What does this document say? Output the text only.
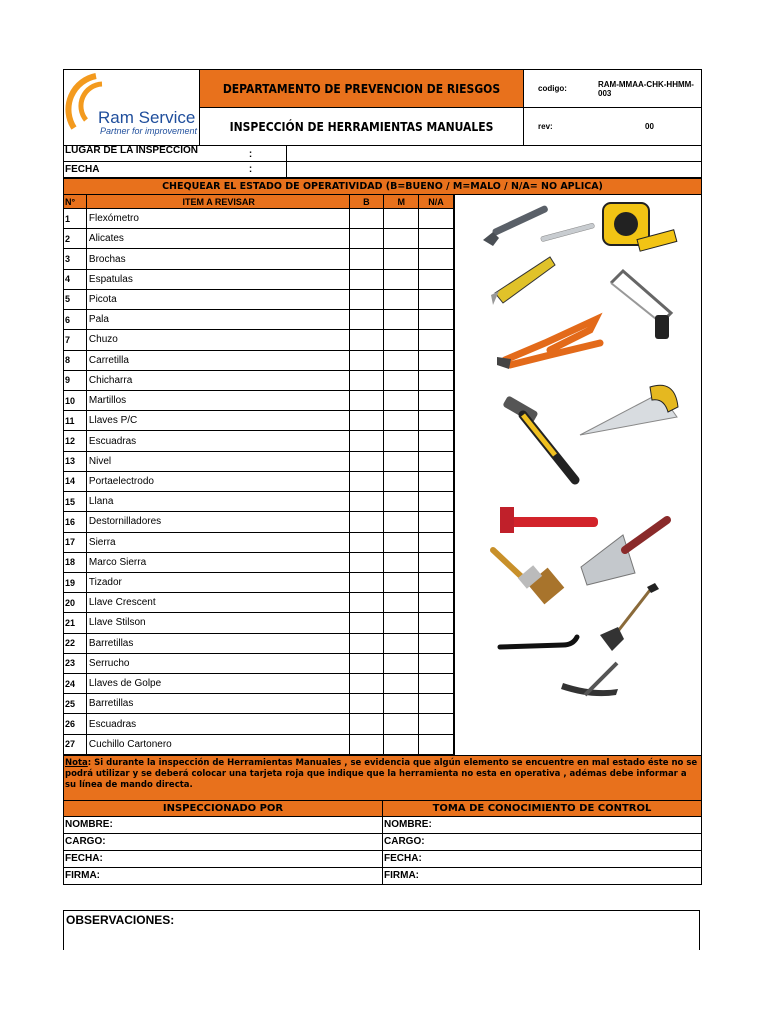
Ram Service
Partner for improvement
DEPARTAMENTO DE PREVENCION DE RIESGOS
INSPECCIÓN DE HERRAMIENTAS MANUALES
codigo:	RAM-MMAA-CHK-HHMM-003
rev:	00
LUGAR DE LA INSPECCIÓN	:
FECHA	:
CHEQUEAR EL ESTADO DE OPERATIVIDAD (B=BUENO / M=MALO / N/A= NO APLICA)
N°	ITEM A REVISAR	B	M	N/A
1	Flexómetro			
2	Alicates			
3	Brochas			
4	Espatulas			
5	Picota			
6	Pala			
7	Chuzo			
8	Carretilla			
9	Chicharra			
10	Martillos			
11	Llaves P/C			
12	Escuadras			
13	Nivel			
14	Portaelectrodo			
15	Llana			
16	Destornilladores			
17	Sierra			
18	Marco Sierra			
19	Tizador			
20	Llave Crescent			
21	Llave Stilson			
22	Barretillas			
23	Serrucho			
24	Llaves de Golpe			
25	Barretillas			
26	Escuadras			
27	Cuchillo Cartonero			
Nota: Si durante la inspección de Herramientas Manuales , se evidencia que algún elemento se encuentre en mal estado éste no se podrá utilizar y se deberá colocar una tarjeta roja que indique que la herramienta no esta en operativa , adémas debe informar a su línea de mando directa.
INSPECCIONADO POR	TOMA DE CONOCIMIENTO DE CONTROL
NOMBRE:	NOMBRE:
CARGO:	CARGO:
FECHA:	FECHA:
FIRMA:	FIRMA:
OBSERVACIONES:
